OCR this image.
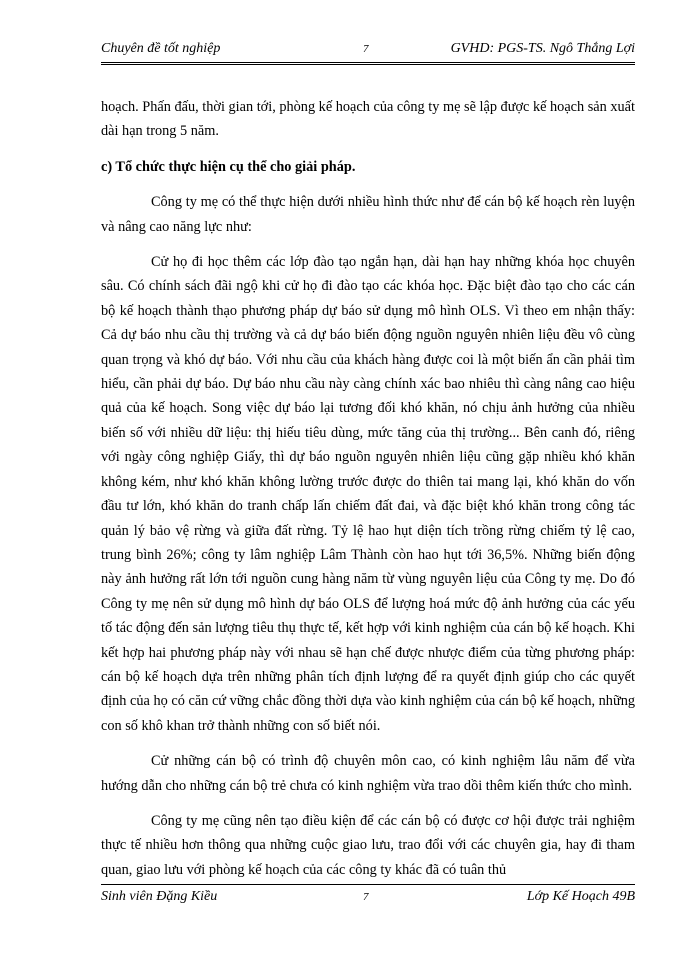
Chuyên đề tốt nghiệp	7	GVHD: PGS-TS. Ngô Thắng Lợi

hoạch. Phấn đấu, thời gian tới, phòng kế hoạch của công ty mẹ sẽ lập được kế hoạch sản xuất dài hạn trong 5 năm.

c) Tổ chức thực hiện cụ thể cho giải pháp.

Công ty mẹ có thể thực hiện dưới nhiều hình thức như để cán bộ kế hoạch rèn luyện và nâng cao năng lực như:

Cử họ đi học thêm các lớp đào tạo ngắn hạn, dài hạn hay những khóa học chuyên sâu. Có chính sách đãi ngộ khi cử họ đi đào tạo các khóa học. Đặc biệt đào tạo cho các cán bộ kế hoạch thành thạo phương pháp dự báo sử dụng mô hình OLS. Vì theo em nhận thấy: Cả dự báo nhu cầu thị trường và cả dự báo biến động nguồn nguyên nhiên liệu đều vô cùng quan trọng và khó dự báo. Với nhu cầu của khách hàng được coi là một biến ẩn cần phải tìm hiểu, cần phải dự báo. Dự báo nhu cầu này càng chính xác bao nhiêu thì càng nâng cao hiệu quả của kế hoạch. Song việc dự báo lại tương đối khó khăn, nó chịu ảnh hưởng của nhiều biến số với nhiều dữ liệu: thị hiếu tiêu dùng, mức tăng của thị trường... Bên canh đó, riêng với ngày công nghiệp Giấy, thì dự báo nguồn nguyên nhiên liệu cũng gặp nhiều khó khăn không kém, như khó khăn không lường trước được do thiên tai mang lại, khó khăn do vốn đầu tư lớn, khó khăn do tranh chấp lấn chiếm đất đai, và đặc biệt khó khăn trong công tác quản lý bảo vệ rừng và giữa đất rừng. Tỷ lệ hao hụt diện tích trồng rừng chiếm tỷ lệ cao, trung bình 26%; công ty lâm nghiệp Lâm Thành còn hao hụt tới 36,5%. Những biến động này ảnh hưởng rất lớn tới nguồn cung hàng năm từ vùng nguyên liệu của Công ty mẹ. Do đó Công ty mẹ nên sử dụng mô hình dự báo OLS để lượng hoá mức độ ảnh hưởng của các yếu tố tác động đến sản lượng tiêu thụ thực tế, kết hợp với kinh nghiệm của cán bộ kế hoạch. Khi kết hợp hai phương pháp này với nhau sẽ hạn chế được nhược điểm của từng phương pháp: cán bộ kế hoạch dựa trên những phân tích định lượng để ra quyết định giúp cho các quyết định của họ có căn cứ vững chắc đồng thời dựa vào kinh nghiệm của cán bộ kế hoạch, những con số khô khan trở thành những con số biết nói.

Cử những cán bộ có trình độ chuyên môn cao, có kinh nghiệm lâu năm để vừa hướng dẫn cho những cán bộ trẻ chưa có kinh nghiệm vừa trao dồi thêm kiến thức cho mình.

Công ty mẹ cũng nên tạo điều kiện để các cán bộ có được cơ hội được trải nghiệm thực tế nhiều hơn thông qua những cuộc giao lưu, trao đổi với các chuyên gia, hay đi tham quan, giao lưu với phòng kế hoạch của các công ty khác đã có tuân thủ

Sinh viên Đặng Kiều	7	Lớp Kế Hoạch 49B
